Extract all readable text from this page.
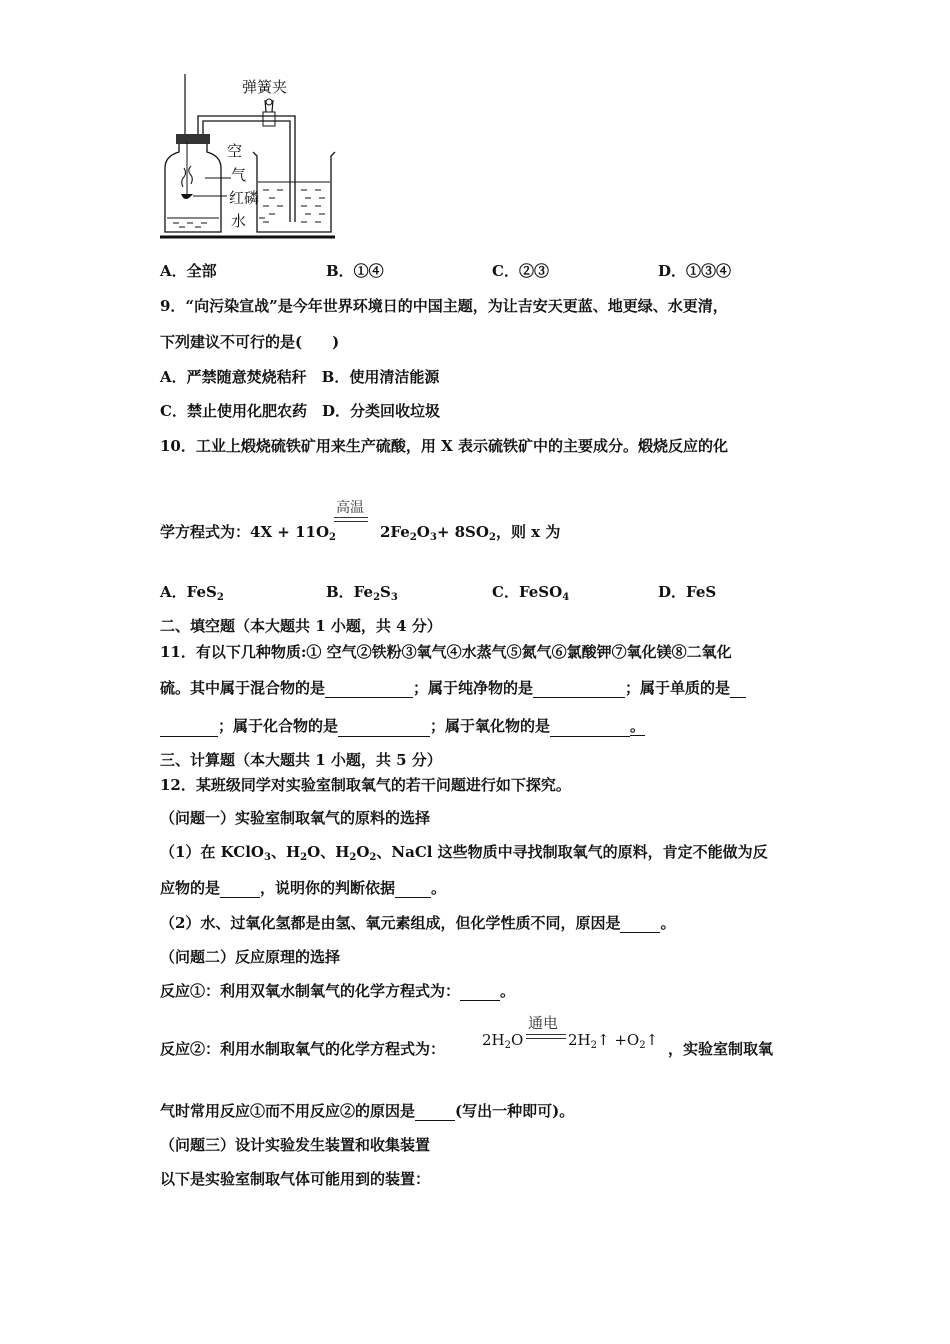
弹簧夹
空
气
红磷
水
A．全部	B．①④	C．②③	D．①③④
9．“向污染宣战”是今年世界环境日的中国主题，为让吉安天更蓝、地更绿、水更清，
下列建议不可行的是(　　)
A．严禁随意焚烧秸秆　B．使用清洁能源
C．禁止使用化肥农药　D．分类回收垃圾
10．工业上煅烧硫铁矿用来生产硫酸，用 X 表示硫铁矿中的主要成分。煅烧反应的化
高温
学方程式为：$4X + 11O_2$	$2Fe_2O_3+ 8SO_2$，则 x 为
A．FeS$_2$	B．$Fe_2S_3$	C．FeSO$_4$	D．FeS
二、填空题（本大题共 1 小题，共 4 分）
11．有以下几种物质:① 空气②铁粉③氧气④水蒸气⑤氮气⑥氯酸钾⑦氧化镁⑧二氧化
硫。其中属于混合物的是	；属于纯净物的是	；属于单质的是
；属于化合物的是	；属于氧化物的是	。
三、计算题（本大题共 1 小题，共 5 分）
12．某班级同学对实验室制取氧气的若干问题进行如下探究。
（问题一）实验室制取氧气的原料的选择
（1）在 KClO$_3$、$H_2O$、$H_2O_2$、NaCl 这些物质中寻找制取氧气的原料，肯定不能做为反
应物的是	，说明你的判断依据 。
（2）水、过氧化氢都是由氢、氧元素组成，但化学性质不同，原因是	。
（问题二）反应原理的选择
反应①：利用双氧水制氧气的化学方程式为：	。
反应②：利用水制取氧气的化学方程式为：
通电
$2H_2O$	$2H_2↑$ $+O_2↑$ ，实验室制取氧
气时常用反应①而不用反应②的原因是	(写出一种即可)。
（问题三）设计实验发生装置和收集装置
以下是实验室制取气体可能用到的装置：
